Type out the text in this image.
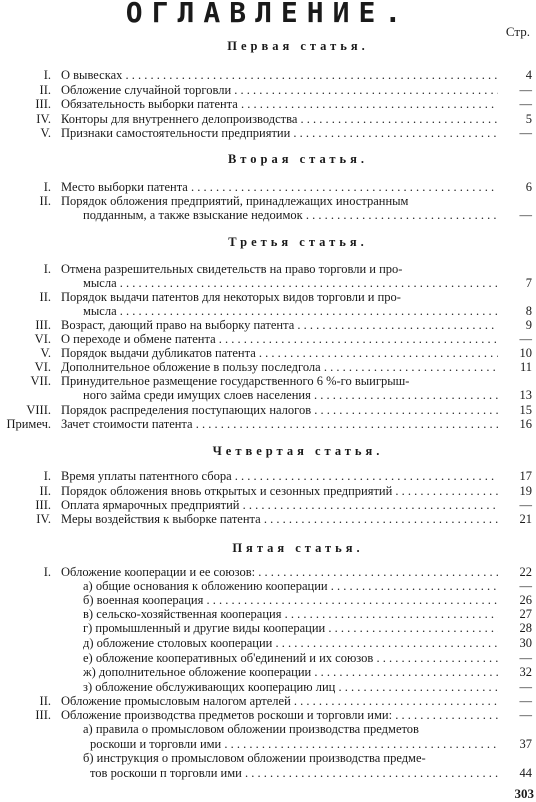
ОГЛАВЛЕНИЕ.
Стр.
Первая статья.
Вторая статья.
Третья статья.
Четвертая статья.
Пятая статья.
I. О вывесках . . .	4
II. Обложение случайной торговли . . .	—
III. Обязательность выборки патента . . .	—
IV. Конторы для внутреннего делопроизводства . . .	5
V. Признаки самостоятельности предприятии . . .	—
I. Место выборки патента . . .	6
II. Порядок обложения предприятий, принадлежащих иностранным
подданным, а также взыскание недоимок . . .	—
I. Отмена разрешительных свидетельств на право торговли и про-
мысла . . .	7
II. Порядок выдачи патентов для некоторых видов торговли и про-
мысла . . .	8
III. Возраст, дающий право на выборку патента . . .	9
VI. О переходе и обмене патента . . .	—
V. Порядок выдачи дубликатов патента . . .	10
VI. Дополнительное обложение в пользу последгола . . .	11
VII. Принудительное размещение государственного 6 %-го выигрыш-
ного займа среди имущих слоев населения . . .	13
VIII. Порядок распределения поступающих налогов . . .	15
Примеч. Зачет стоимости патента . . .	16
I. Время уплаты патентного сбора . . .	17
II. Порядок обложения вновь открытых и сезонных предприятий . . .	19
III. Оплата ярмарочных предприятий . . .	—
IV. Меры воздействия к выборке патента . . .	21
I. Обложение кооперации и ее союзов: . . .	22
а) общие основания к обложению кооперации . . .	—
б) военная кооперация . . .	26
в) сельско-хозяйственная кооперация . . .	27
г) промышленный и другие виды кооперации . . .	28
д) обложение столовых кооперации . . .	30
е) обложение кооперативных об'единений и их союзов . . .	—
ж) дополнительное обложение кооперации . . .	32
з) обложение обслуживающих кооперацию лиц . . .	—
II. Обложение промысловым налогом артелей . . .	—
III. Обложение производства предметов роскоши и торговли ими: . . .	—
а) правила о промысловом обложении производства предметов
роскоши и торговли ими . . .	37
б) инструкция о промысловом обложении производства предме-
тов роскоши п торговли ими . . .	44
303
